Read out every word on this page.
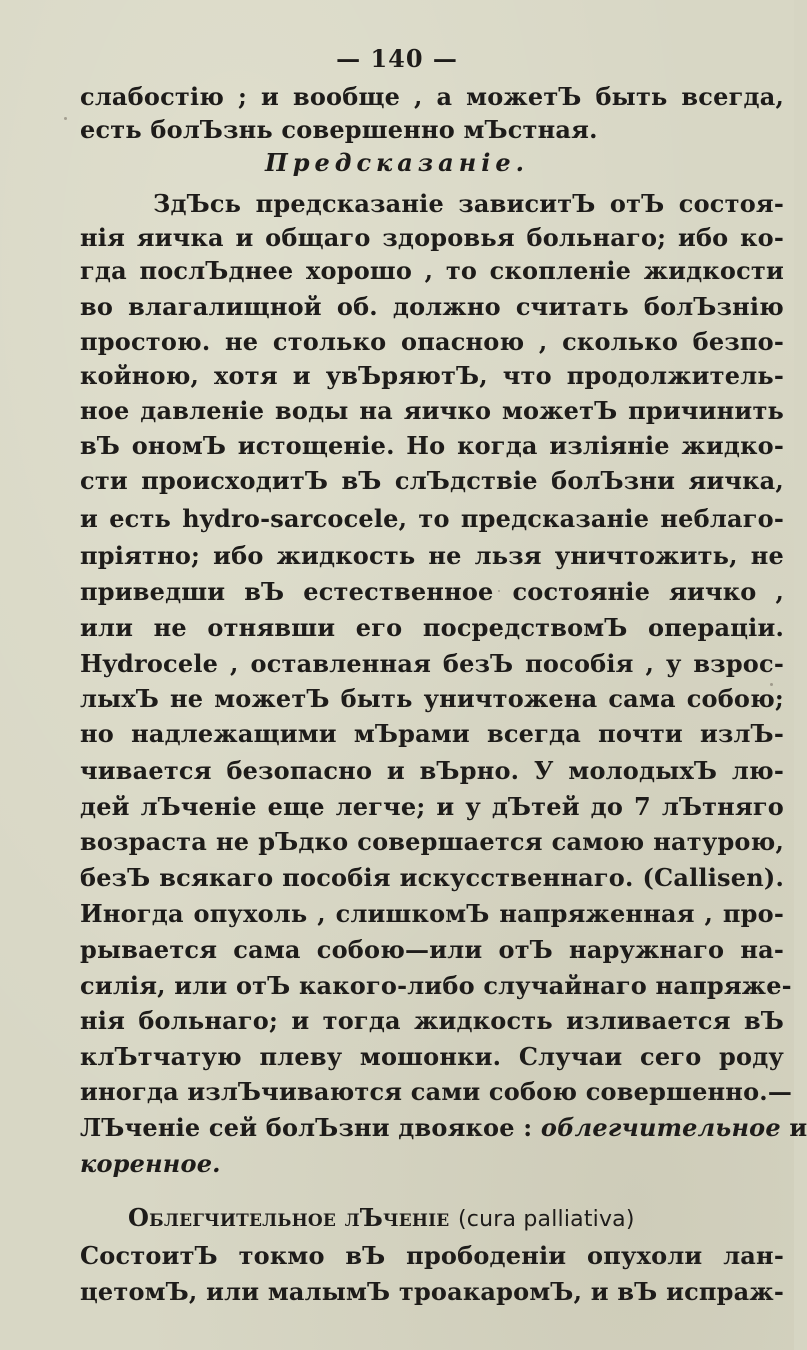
— 140 —
слабостію ; и вообще , а можетЪ быть всегда,
есть болЪзнь совершенно мЪстная.
Предсказаніе.
ЗдЪсь предсказаніе зависитЪ отЪ состоя-
нія яичка и общаго здоровья больнаго; ибо ко-
гда послЪднее хорошо , то скопленіе жидкости
во влагалищной об. должно считать болЪзнію
простою. не столько опасною , сколько безпо-
койною, хотя и увЪряютЪ, что продолжитель-
ное давленіе воды на яичко можетЪ причинить
вЪ ономЪ истощеніе. Но когда изліяніе жидко-
сти происходитЪ вЪ слЪдствіе болЪзни яичка,
и есть hydro-sarcocele, то предсказаніе неблаго-
пріятно; ибо жидкость не льзя уничтожить, не
приведши вЪ естественное состояніе яичко ,
или не отнявши его посредствомЪ операціи.
Hydrocele , оставленная безЪ пособія , у взрос-
лыхЪ не можетЪ быть уничтожена сама собою;
но надлежащими мЪрами всегда почти излЪ-
чивается безопасно и вЪрно. У молодыхЪ лю-
дей лЪченіе еще легче; и у дЪтей до 7 лЪтняго
возраста не рЪдко совершается самою натурою,
безЪ всякаго пособія искусственнаго. (Callisen).
Иногда опухоль , слишкомЪ напряженная , про-
рывается сама собою—или отЪ наружнаго на-
силія, или отЪ какого-либо случайнаго напряже-
нія больнаго; и тогда жидкость изливается вЪ
клЪтчатую плеву мошонки. Случаи сего роду
иногда излЪчиваются сами собою совершенно.—
ЛЪченіе сей болЪзни двоякое : облегчительное и
коренное.
Облегчительное лЪченіе (cura palliativa)
СостоитЪ токмо вЪ прободеніи опухоли лан-
цетомЪ, или малымЪ троакаромЪ, и вЪ испраж-
